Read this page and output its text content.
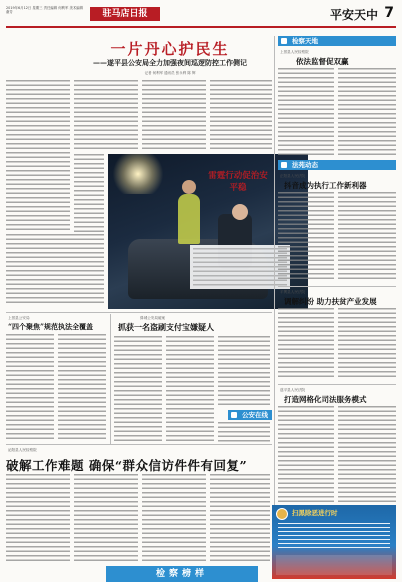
2019年6月12日 星期三 责任编辑 何利军 美术编辑 谢芳	驻马店日报	平安天中 7
一片丹心护民生
——遂平县公安局全力加强夜间巡逻防控工作侧记
记者 何利军 通讯员 张永利 陈 辉
雷霆行动促治安平稳
检察天地
上蔡县人民检察院
依法监督促双赢
法苑动态
正阳县人民法院
抖音成为执行工作新利器
平舆县人民法院
调解纠纷 助力扶贫产业发展
遂平县人民法院
打造网格化司法服务模式
上蔡县公安局
“四个聚焦”规范执法全覆盖
驿城公安局破案
抓获一名盗刷支付宝嫌疑人
公安在线
泌阳县人民检察院
破解工作难题 确保“群众信访件件有回复”
检察榜样
扫黑除恶进行时
